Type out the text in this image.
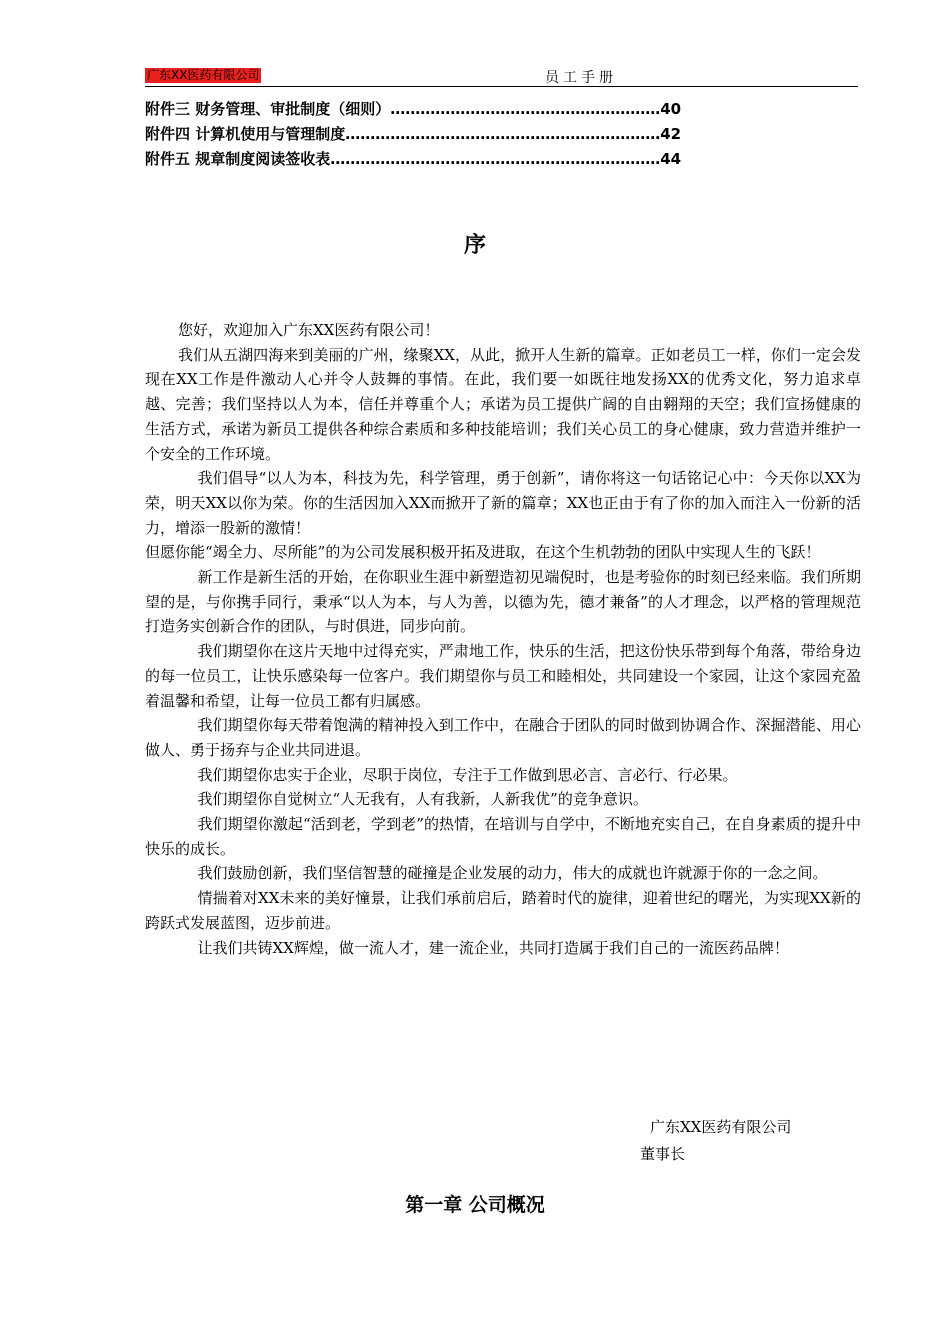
广东XX医药有限公司	员工手册
附件三 财务管理、审批制度（细则）………………………………………………40
附件四 计算机使用与管理制度………………………………………………………42
附件五 规章制度阅读签收表…………………………………………………………44
序

您好，欢迎加入广东XX医药有限公司！

我们从五湖四海来到美丽的广州，缘聚XX，从此，掀开人生新的篇章。正如老员工一样，你们一定会发现在XX工作是件激动人心并令人鼓舞的事情。在此，我们要一如既往地发扬XX的优秀文化，努力追求卓越、完善；我们坚持以人为本，信任并尊重个人；承诺为员工提供广阔的自由翱翔的天空；我们宣扬健康的生活方式，承诺为新员工提供各种综合素质和多种技能培训；我们关心员工的身心健康，致力营造并维护一个安全的工作环境。

我们倡导“以人为本，科技为先，科学管理，勇于创新”，请你将这一句话铭记心中：今天你以XX为荣，明天XX以你为荣。你的生活因加入XX而掀开了新的篇章；XX也正由于有了你的加入而注入一份新的活力，增添一股新的激情！

但愿你能“竭全力、尽所能”的为公司发展积极开拓及进取，在这个生机勃勃的团队中实现人生的飞跃！

新工作是新生活的开始，在你职业生涯中新塑造初见端倪时，也是考验你的时刻已经来临。我们所期望的是，与你携手同行，秉承“以人为本，与人为善，以德为先，德才兼备”的人才理念，以严格的管理规范打造务实创新合作的团队，与时俱进，同步向前。

我们期望你在这片天地中过得充实，严肃地工作，快乐的生活，把这份快乐带到每个角落，带给身边的每一位员工，让快乐感染每一位客户。我们期望你与员工和睦相处，共同建设一个家园，让这个家园充盈着温馨和希望，让每一位员工都有归属感。

我们期望你每天带着饱满的精神投入到工作中，在融合于团队的同时做到协调合作、深掘潜能、用心做人、勇于扬弃与企业共同进退。

我们期望你忠实于企业，尽职于岗位，专注于工作做到思必言、言必行、行必果。

我们期望你自觉树立“人无我有，人有我新，人新我优”的竞争意识。

我们期望你激起“活到老，学到老”的热情，在培训与自学中，不断地充实自己，在自身素质的提升中快乐的成长。

我们鼓励创新，我们坚信智慧的碰撞是企业发展的动力，伟大的成就也许就源于你的一念之间。

情揣着对XX未来的美好憧景，让我们承前启后，踏着时代的旋律，迎着世纪的曙光，为实现XX新的跨跃式发展蓝图，迈步前进。

让我们共铸XX辉煌，做一流人才，建一流企业，共同打造属于我们自己的一流医药品牌！

广东XX医药有限公司
董事长
第一章 公司概况
